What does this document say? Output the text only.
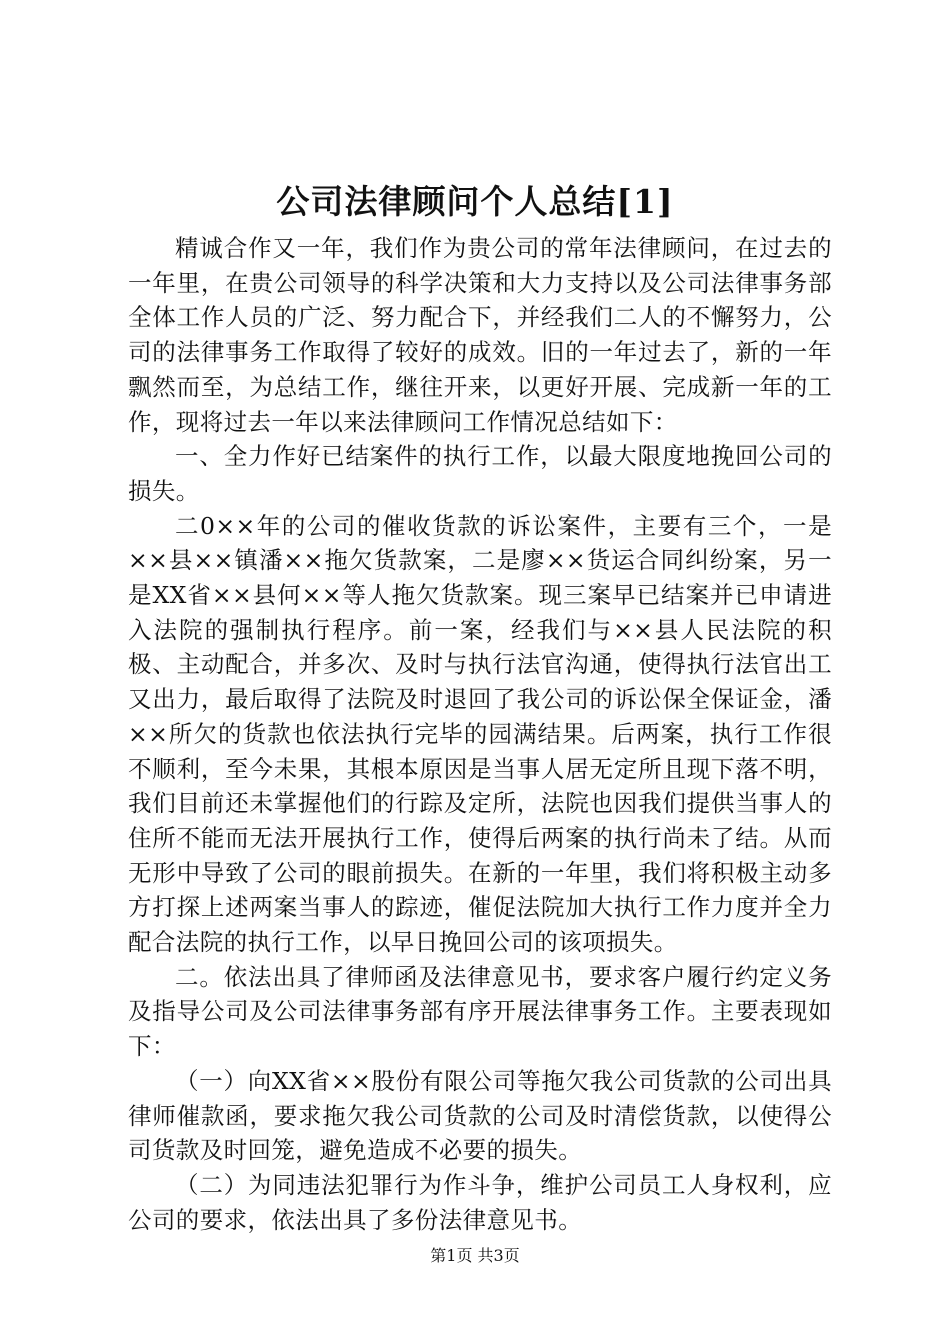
公司法律顾问个人总结[1]

精诚合作又一年，我们作为贵公司的常年法律顾问，在过去的一年里，在贵公司领导的科学决策和大力支持以及公司法律事务部全体工作人员的广泛、努力配合下，并经我们二人的不懈努力，公司的法律事务工作取得了较好的成效。旧的一年过去了，新的一年飘然而至，为总结工作，继往开来，以更好开展、完成新一年的工作，现将过去一年以来法律顾问工作情况总结如下：

一、全力作好已结案件的执行工作，以最大限度地挽回公司的损失。

二0××年的公司的催收货款的诉讼案件，主要有三个，一是××县××镇潘××拖欠货款案，二是廖××货运合同纠纷案，另一是XX省××县何××等人拖欠货款案。现三案早已结案并已申请进入法院的强制执行程序。前一案，经我们与××县人民法院的积极、主动配合，并多次、及时与执行法官沟通，使得执行法官出工又出力，最后取得了法院及时退回了我公司的诉讼保全保证金，潘××所欠的货款也依法执行完毕的园满结果。后两案，执行工作很不顺利，至今未果，其根本原因是当事人居无定所且现下落不明，我们目前还未掌握他们的行踪及定所，法院也因我们提供当事人的住所不能而无法开展执行工作，使得后两案的执行尚未了结。从而无形中导致了公司的眼前损失。在新的一年里，我们将积极主动多方打探上述两案当事人的踪迹，催促法院加大执行工作力度并全力配合法院的执行工作，以早日挽回公司的该项损失。

二。依法出具了律师函及法律意见书，要求客户履行约定义务及指导公司及公司法律事务部有序开展法律事务工作。主要表现如下：

（一）向XX省××股份有限公司等拖欠我公司货款的公司出具律师催款函，要求拖欠我公司货款的公司及时清偿货款，以使得公司货款及时回笼，避免造成不必要的损失。

（二）为同违法犯罪行为作斗争，维护公司员工人身权利，应公司的要求，依法出具了多份法律意见书。

第1页 共3页
